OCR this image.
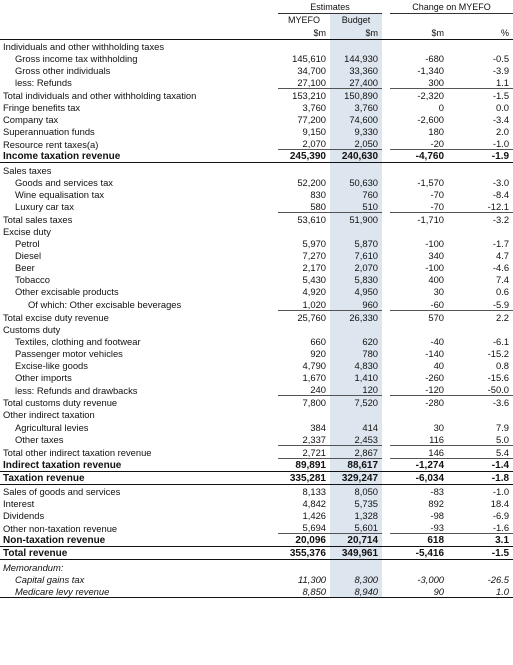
	Estimates			Change on MYEFO	
	MYEFO	Budget			
	$m	$m		$m	%
Individuals and other withholding taxes					
Gross income tax withholding	145,610	144,930		-680	-0.5
Gross other individuals	34,700	33,360		-1,340	-3.9
less: Refunds	27,100	27,400		300	1.1
Total individuals and other withholding taxation	153,210	150,890		-2,320	-1.5
Fringe benefits tax	3,760	3,760		0	0.0
Company tax	77,200	74,600		-2,600	-3.4
Superannuation funds	9,150	9,330		180	2.0
Resource rent taxes(a)	2,070	2,050		-20	-1.0
Income taxation revenue	245,390	240,630		-4,760	-1.9
Sales taxes					
Goods and services tax	52,200	50,630		-1,570	-3.0
Wine equalisation tax	830	760		-70	-8.4
Luxury car tax	580	510		-70	-12.1
Total sales taxes	53,610	51,900		-1,710	-3.2
Excise duty					
Petrol	5,970	5,870		-100	-1.7
Diesel	7,270	7,610		340	4.7
Beer	2,170	2,070		-100	-4.6
Tobacco	5,430	5,830		400	7.4
Other excisable products	4,920	4,950		30	0.6
Of which: Other excisable beverages	1,020	960		-60	-5.9
Total excise duty revenue	25,760	26,330		570	2.2
Customs duty					
Textiles, clothing and footwear	660	620		-40	-6.1
Passenger motor vehicles	920	780		-140	-15.2
Excise-like goods	4,790	4,830		40	0.8
Other imports	1,670	1,410		-260	-15.6
less: Refunds and drawbacks	240	120		-120	-50.0
Total customs duty revenue	7,800	7,520		-280	-3.6
Other indirect taxation					
Agricultural levies	384	414		30	7.9
Other taxes	2,337	2,453		116	5.0
Total other indirect taxation revenue	2,721	2,867		146	5.4
Indirect taxation revenue	89,891	88,617		-1,274	-1.4
Taxation revenue	335,281	329,247		-6,034	-1.8
Sales of goods and services	8,133	8,050		-83	-1.0
Interest	4,842	5,735		892	18.4
Dividends	1,426	1,328		-98	-6.9
Other non-taxation revenue	5,694	5,601		-93	-1.6
Non-taxation revenue	20,096	20,714		618	3.1
Total revenue	355,376	349,961		-5,416	-1.5
Memorandum:					
Capital gains tax	11,300	8,300		-3,000	-26.5
Medicare levy revenue	8,850	8,940		90	1.0
